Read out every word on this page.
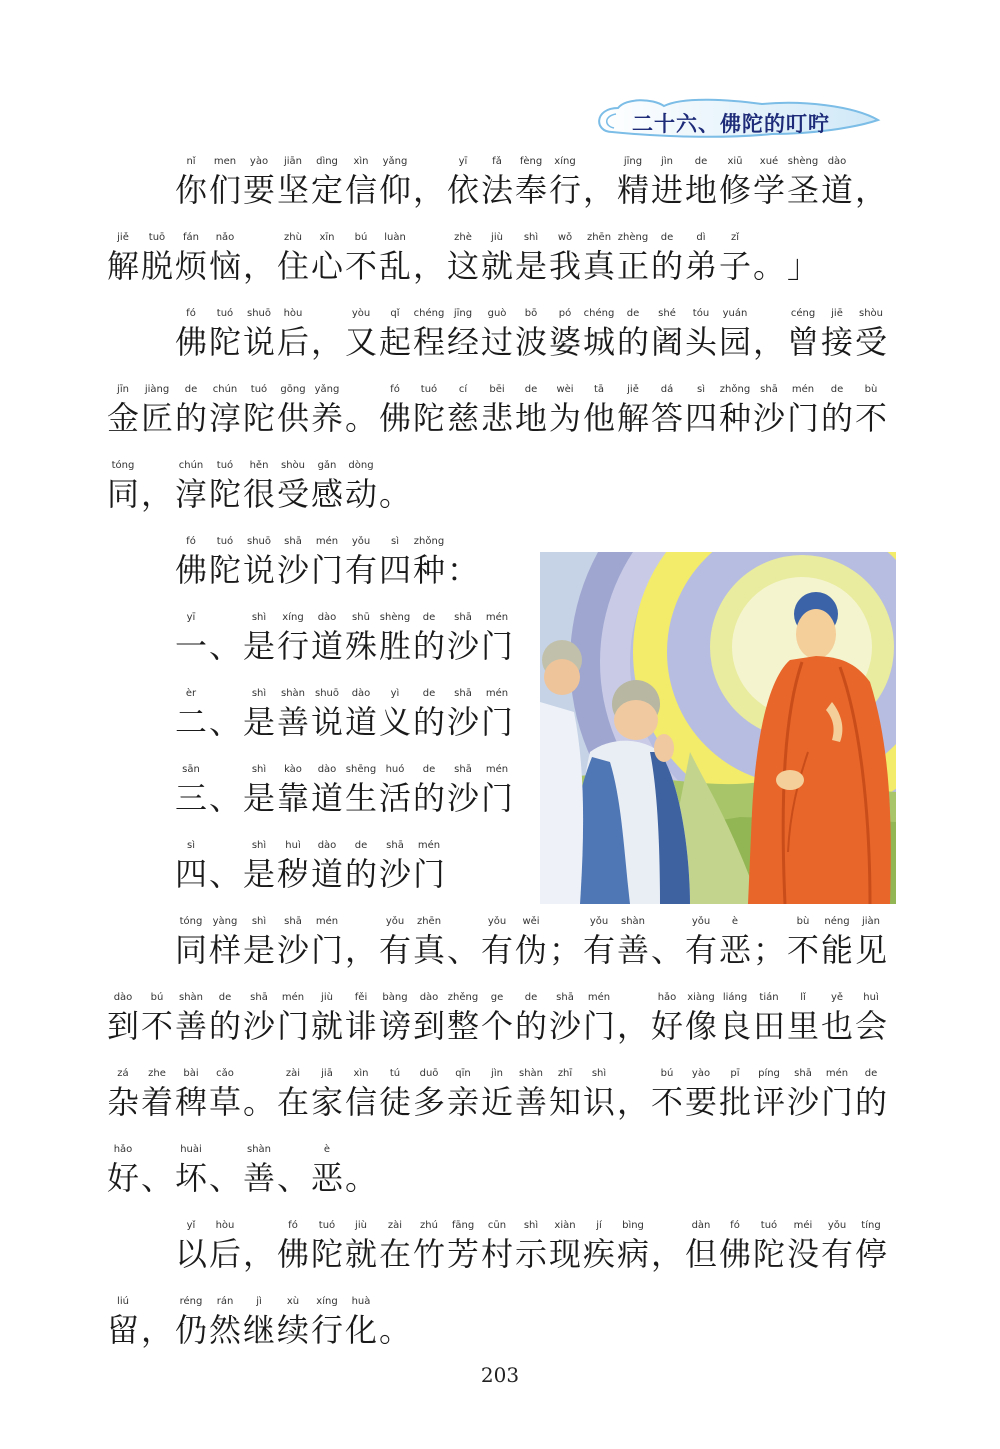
二十六、佛陀的叮咛
nǐ
你
men
们
yào
要
jiān
坚
dìng
定
xìn
信
yǎng
仰 ，
yī
依
fǎ
法
fèng
奉
xíng
行 ，
jīng
精
jìn
进
de
地
xiū
修
xué
学
shèng
圣
dào
道 ，
jiě
解
tuō
脱
fán
烦
nǎo
恼 ，
zhù
住
xīn
心
bú
不
luàn
乱 ，
zhè
这
jiù
就
shì
是
wǒ
我
zhēn
真
zhèng
正
de
的
dì
弟
zǐ
子 。 」
fó
佛
tuó
陀
shuō
说
hòu
后 ，
yòu
又
qǐ
起
chéng
程
jīng
经
guò
过
bō
波
pó
婆
chéng
城
de
的
shé
阇
tóu
头
yuán
园 ，
céng
曾
jiē
接
shòu
受
jīn
金
jiàng
匠
de
的
chún
淳
tuó
陀
gōng
供
yǎng
养 。
fó
佛
tuó
陀
cí
慈
bēi
悲
de
地
wèi
为
tā
他
jiě
解
dá
答
sì
四
zhǒng
种
shā
沙
mén
门
de
的
bù
不
tóng
同 ，
chún
淳
tuó
陀
hěn
很
shòu
受
gǎn
感
dòng
动 。
fó
佛
tuó
陀
shuō
说
shā
沙
mén
门
yǒu
有
sì
四
zhǒng
种 ：
yī
一 、
shì
是
xíng
行
dào
道
shū
殊
shèng
胜
de
的
shā
沙
mén
门
èr
二 、
shì
是
shàn
善
shuō
说
dào
道
yì
义
de
的
shā
沙
mén
门
sān
三 、
shì
是
kào
靠
dào
道
shēng
生
huó
活
de
的
shā
沙
mén
门
sì
四 、
shì
是
huì
秽
dào
道
de
的
shā
沙
mén
门
tóng
同
yàng
样
shì
是
shā
沙
mén
门 ，
yǒu
有
zhēn
真 、
yǒu
有
wěi
伪 ；
yǒu
有
shàn
善 、
yǒu
有
è
恶 ；
bù
不
néng
能
jiàn
见
dào
到
bú
不
shàn
善
de
的
shā
沙
mén
门
jiù
就
fěi
诽
bàng
谤
dào
到
zhěng
整
ge
个
de
的
shā
沙
mén
门 ，
hǎo
好
xiàng
像
liáng
良
tián
田
lǐ
里
yě
也
huì
会
zá
杂
zhe
着
bài
稗
cǎo
草 。
zài
在
jiā
家
xìn
信
tú
徒
duō
多
qīn
亲
jìn
近
shàn
善
zhī
知
shì
识 ，
bú
不
yào
要
pī
批
píng
评
shā
沙
mén
门
de
的
hǎo
好 、
huài
坏 、
shàn
善 、
è
恶 。
yǐ
以
hòu
后 ，
fó
佛
tuó
陀
jiù
就
zài
在
zhú
竹
fāng
芳
cūn
村
shì
示
xiàn
现
jí
疾
bìng
病 ，
dàn
但
fó
佛
tuó
陀
méi
没
yǒu
有
tíng
停
liú
留 ，
réng
仍
rán
然
jì
继
xù
续
xíng
行
huà
化 。
203
